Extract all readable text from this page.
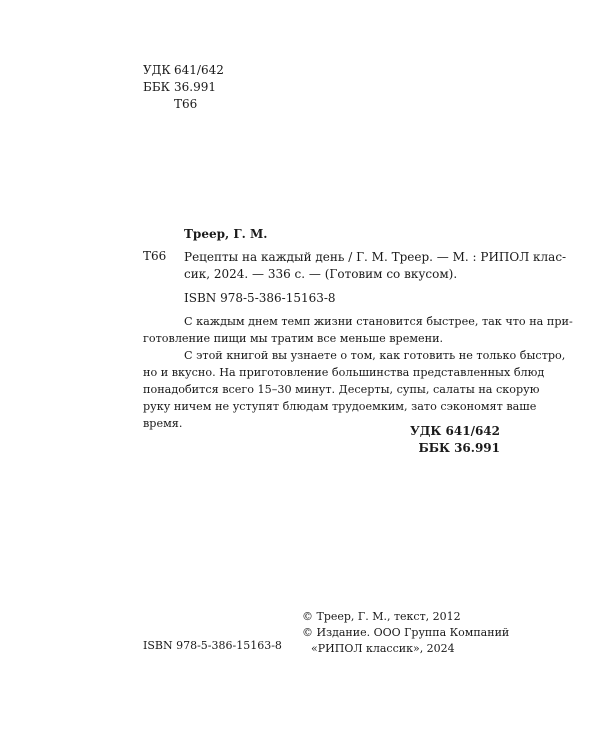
УДК 641/642
ББК 36.991
Т66
Треер, Г. М.
Т66 Рецепты на каждый день / Г. М. Треер. — М. : РИПОЛ клас-
сик, 2024. — 336 с. — (Готовим со вкусом).
ISBN 978-5-386-15163-8
С каждым днем темп жизни становится быстрее, так что на при-
готовление пищи мы тратим все меньше времени.
С этой книгой вы узнаете о том, как готовить не только быстро,
но и вкусно. На приготовление большинства представленных блюд
понадобится всего 15–30 минут. Десерты, супы, салаты на скорую
руку ничем не уступят блюдам трудоемким, зато сэкономят ваше
время.
УДК 641/642
ББК 36.991
© Треер, Г. М., текст, 2012
© Издание. ООО Группа Компаний
«РИПОЛ классик», 2024
ISBN 978-5-386-15163-8
